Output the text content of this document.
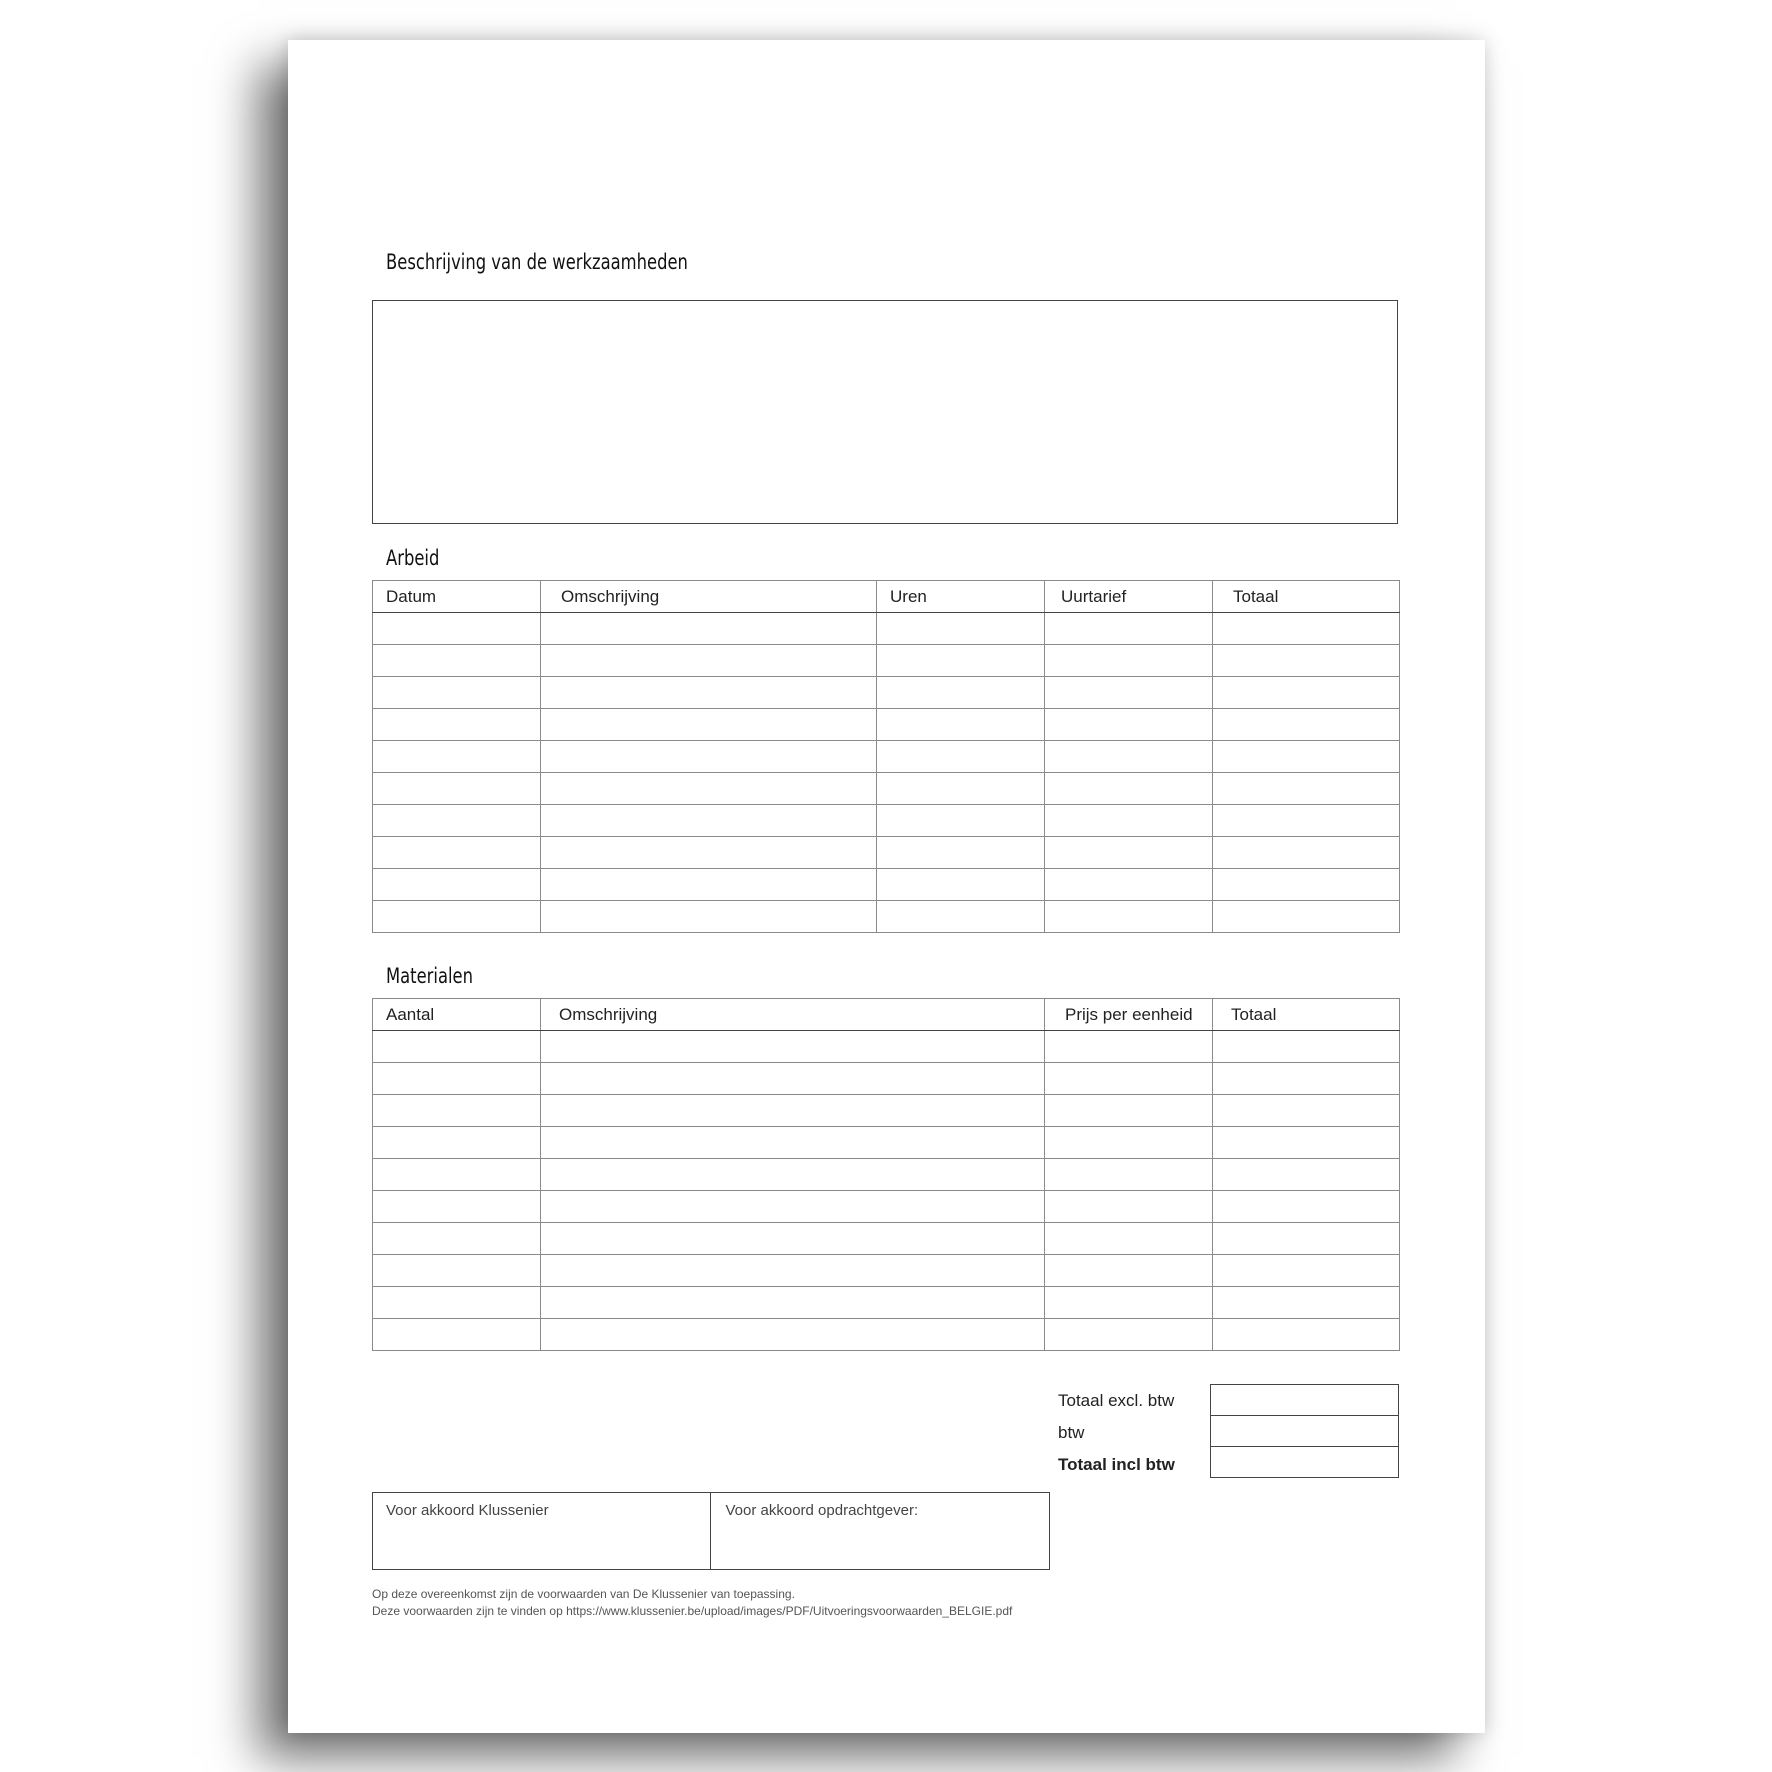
Beschrijving van de werkzaamheden
Arbeid
Datum	Omschrijving	Uren	Uurtarief	Totaal

Materialen
Aantal	Omschrijving	Prijs per eenheid	Totaal

Totaal excl. btw
btw
Totaal incl btw

Voor akkoord Klussenier	Voor akkoord opdrachtgever:
Op deze overeenkomst zijn de voorwaarden van De Klussenier van toepassing.
Deze voorwaarden zijn te vinden op https://www.klussenier.be/upload/images/PDF/Uitvoeringsvoorwaarden_BELGIE.pdf
